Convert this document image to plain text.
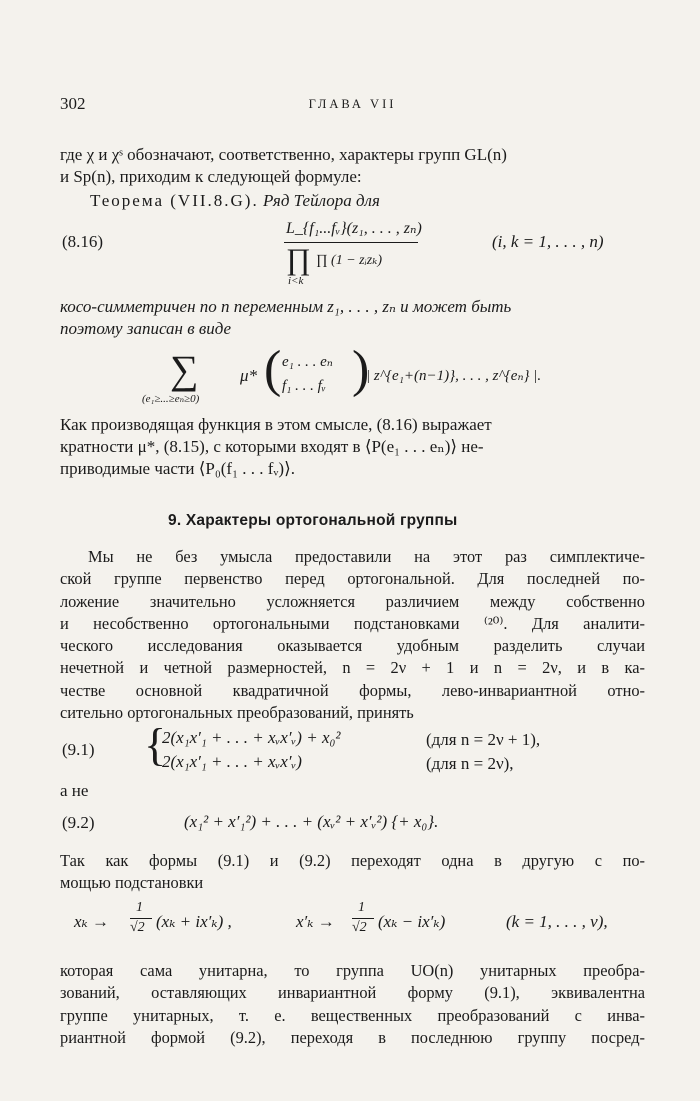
302	ГЛАВА VII
где χ и χˢ обозначают, соответственно, характеры групп GL(n)
и Sp(n), приходим к следующей формуле:
Теорема (VII.8.G). Ряд Тейлора для
(8.16)
L_{f₁...fᵥ}(z₁, . . . , zₙ)
∏ ∏ (1 − zᵢzₖ)
i<k
(i, k = 1, . . . , n)
косо-симметричен по n переменным z₁, . . . , zₙ и может быть
поэтому записан в виде
∑
(e₁≥...≥eₙ≥0)
μ* ( e₁ . . . eₙ
f₁ . . . fᵥ )
| z^{e₁+(n−1)}, . . . , z^{eₙ} |.
Как производящая функция в этом смысле, (8.16) выражает
кратности μ*, (8.15), с которыми входят в ⟨P(e₁ . . . eₙ)⟩ не-
приводимые части ⟨P₀(f₁ . . . fᵥ)⟩.
9. Характеры ортогональной группы
Мы не без умысла предоставили на этот раз симплектиче-
ской группе первенство перед ортогональной. Для последней по-
ложение значительно усложняется различием между собственно
и несобственно ортогональными подстановками ⁽²⁰⁾. Для аналити-
ческого исследования оказывается удобным разделить случаи
нечетной и четной размерностей, n = 2ν + 1 и n = 2ν, и в ка-
честве основной квадратичной формы, лево-инвариантной отно-
сительно ортогональных преобразований, принять
(9.1) {
2(x₁x′₁ + . . . + xᵥx′ᵥ) + x₀²	(для n = 2ν + 1),
2(x₁x′₁ + . . . + xᵥx′ᵥ)	(для n = 2ν),
а не
(9.2)	(x₁² + x′₁²) + . . . + (xᵥ² + x′ᵥ²) {+ x₀}.
Так как формы (9.1) и (9.2) переходят одна в другую с по-
мощью подстановки
xₖ →
1
√2 (xₖ + ix′ₖ) ,	x′ₖ →
1
√2 (xₖ − ix′ₖ)	(k = 1, . . . , ν),
которая сама унитарна, то группа UO(n) унитарных преобра-
зований, оставляющих инвариантной форму (9.1), эквивалентна
группе унитарных, т. е. вещественных преобразований с инва-
риантной формой (9.2), переходя в последнюю группу посред-
